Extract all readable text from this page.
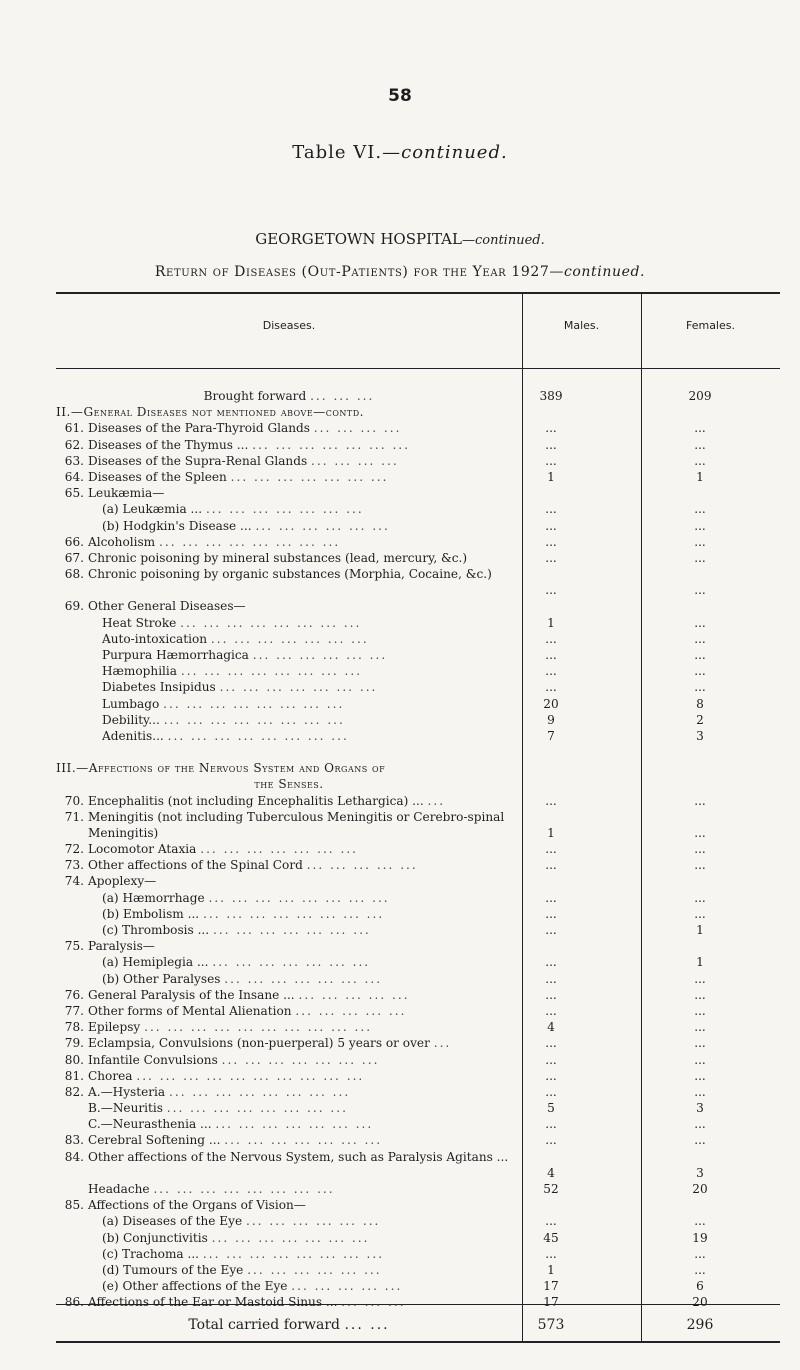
58
Table VI.—continued.
GEORGETOWN HOSPITAL—continued.
Return of Diseases (Out-Patients) for the Year 1927—continued.
Diseases.	Males.	Females.
Brought forward ... ... ...	389	209
II.—General Diseases not mentioned above—contd.
61. Diseases of the Para-Thyroid Glands ... ... ... ...	...	...
62. Diseases of the Thymus ... ... ... ... ... ... ... ...	...	...
63. Diseases of the Supra-Renal Glands ... ... ... ...	...	...
64. Diseases of the Spleen ... ... ... ... ... ... ...	1	1
65. Leukæmia—
(a) Leukæmia ... ... ... ... ... ... ... ...	...	...
(b) Hodgkin's Disease ... ... ... ... ... ... ...	...	...
66. Alcoholism ... ... ... ... ... ... ... ...	...	...
67. Chronic poisoning by mineral substances (lead, mercury, &c.)	...	...
68. Chronic poisoning by organic substances (Morphia, Cocaine, &c.)
...	...
69. Other General Diseases—
Heat Stroke ... ... ... ... ... ... ... ...	1	...
Auto-intoxication ... ... ... ... ... ... ...	...	...
Purpura Hæmorrhagica ... ... ... ... ... ...	...	...
Hæmophilia ... ... ... ... ... ... ... ...	...	...
Diabetes Insipidus ... ... ... ... ... ... ...	...	...
Lumbago ... ... ... ... ... ... ... ...	20	8
Debility... ... ... ... ... ... ... ... ...	9	2
Adenitis... ... ... ... ... ... ... ... ...	7	3
III.—Affections of the Nervous System and Organs of
the Senses.
70. Encephalitis (not including Encephalitis Lethargica) ... ...	...	...
71. Meningitis (not including Tuberculous Meningitis or Cerebro-spinal Meningitis)	1	...
72. Locomotor Ataxia ... ... ... ... ... ... ...	...	...
73. Other affections of the Spinal Cord ... ... ... ... ...	...	...
74. Apoplexy—
(a) Hæmorrhage ... ... ... ... ... ... ... ...	...	...
(b) Embolism ... ... ... ... ... ... ... ... ...	...	...
(c) Thrombosis ... ... ... ... ... ... ... ...	...	1
75. Paralysis—
(a) Hemiplegia ... ... ... ... ... ... ... ...	...	1
(b) Other Paralyses ... ... ... ... ... ... ...	...	...
76. General Paralysis of the Insane ... ... ... ... ... ...	...	...
77. Other forms of Mental Alienation ... ... ... ... ...	...	...
78. Epilepsy ... ... ... ... ... ... ... ... ... ...	4	...
79. Eclampsia, Convulsions (non-puerperal) 5 years or over ...	...	...
80. Infantile Convulsions ... ... ... ... ... ... ...	...	...
81. Chorea ... ... ... ... ... ... ... ... ... ...	...	...
82. A.—Hysteria ... ... ... ... ... ... ... ...	...	...
B.—Neuritis ... ... ... ... ... ... ... ...	5	3
C.—Neurasthenia ... ... ... ... ... ... ... ...	...	...
83. Cerebral Softening ... ... ... ... ... ... ... ...	...	...
84. Other affections of the Nervous System, such as Paralysis Agitans ...
4	3
Headache ... ... ... ... ... ... ... ...	52	20
85. Affections of the Organs of Vision—
(a) Diseases of the Eye ... ... ... ... ... ...	...	...
(b) Conjunctivitis ... ... ... ... ... ... ...	45	19
(c) Trachoma ... ... ... ... ... ... ... ... ...	...	...
(d) Tumours of the Eye ... ... ... ... ... ...	1	...
(e) Other affections of the Eye ... ... ... ... ...	17	6
86. Affections of the Ear or Mastoid Sinus ... ... ... ...	17	20
Total carried forward ... ...	573	296
